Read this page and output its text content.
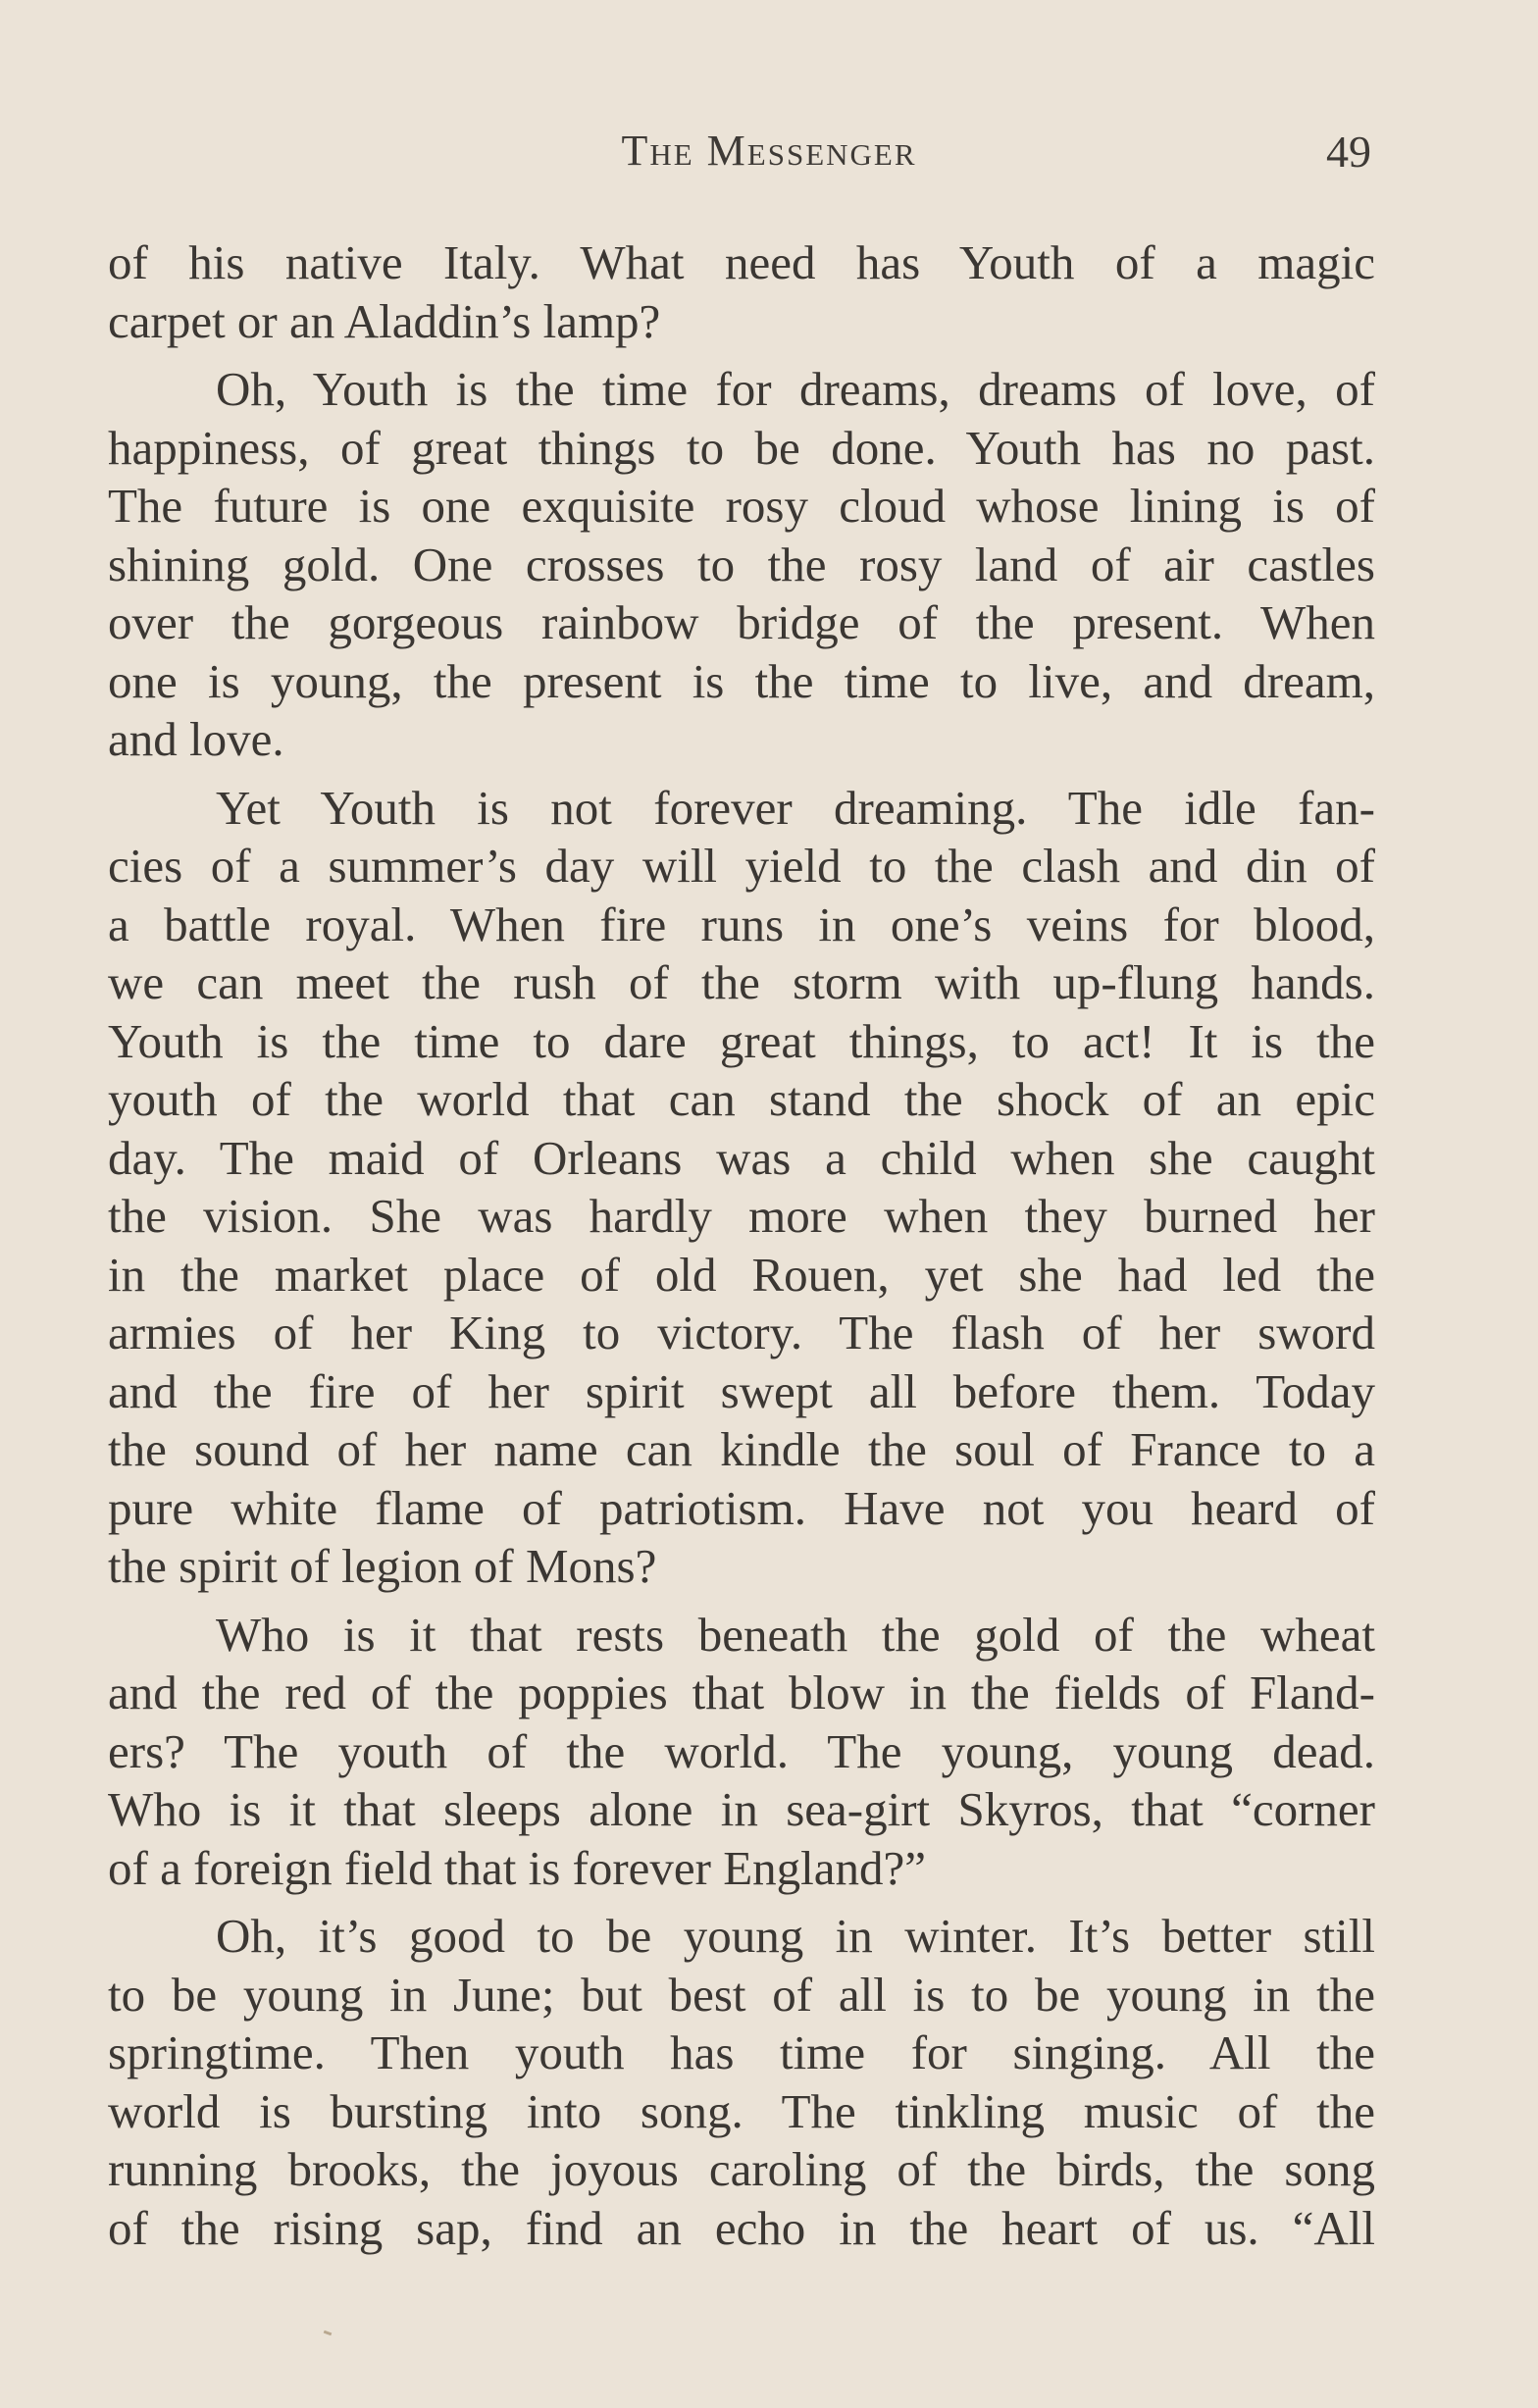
The Messenger	49
of his native Italy. What need has Youth of a magic
carpet or an Aladdin’s lamp?
Oh, Youth is the time for dreams, dreams of love, of
happiness, of great things to be done. Youth has no past.
The future is one exquisite rosy cloud whose lining is of
shining gold. One crosses to the rosy land of air castles
over the gorgeous rainbow bridge of the present. When
one is young, the present is the time to live, and dream,
and love.
Yet Youth is not forever dreaming. The idle fan-
cies of a summer’s day will yield to the clash and din of
a battle royal. When fire runs in one’s veins for blood,
we can meet the rush of the storm with up-flung hands.
Youth is the time to dare great things, to act! It is the
youth of the world that can stand the shock of an epic
day. The maid of Orleans was a child when she caught
the vision. She was hardly more when they burned her
in the market place of old Rouen, yet she had led the
armies of her King to victory. The flash of her sword
and the fire of her spirit swept all before them. Today
the sound of her name can kindle the soul of France to a
pure white flame of patriotism. Have not you heard of
the spirit of legion of Mons?
Who is it that rests beneath the gold of the wheat
and the red of the poppies that blow in the fields of Fland-
ers? The youth of the world. The young, young dead.
Who is it that sleeps alone in sea-girt Skyros, that “corner
of a foreign field that is forever England?”
Oh, it’s good to be young in winter. It’s better still
to be young in June; but best of all is to be young in the
springtime. Then youth has time for singing. All the
world is bursting into song. The tinkling music of the
running brooks, the joyous caroling of the birds, the song
of the rising sap, find an echo in the heart of us. “All
